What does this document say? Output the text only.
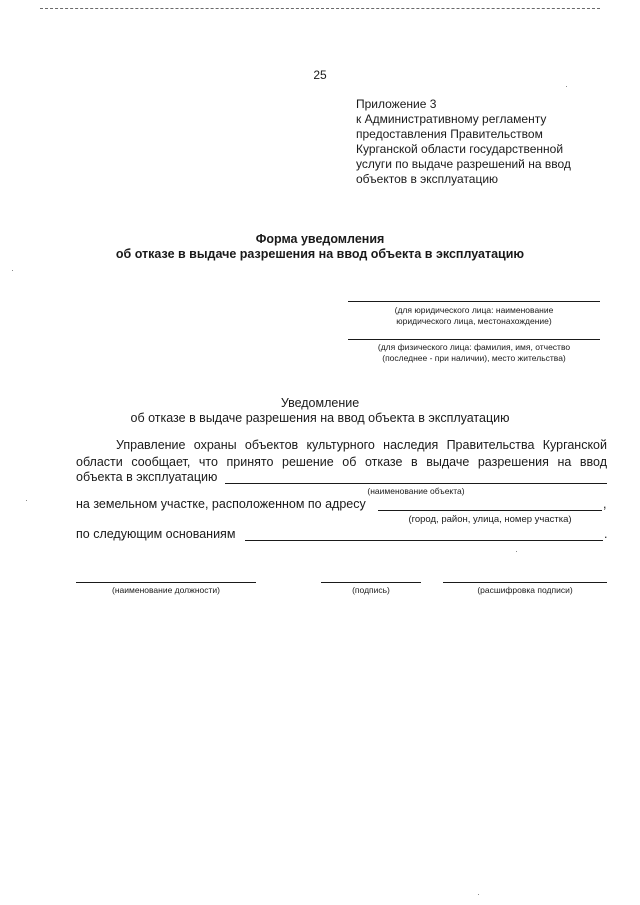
25
Приложение 3
к Административному регламенту
предоставления Правительством
Курганской области государственной
услуги по выдаче разрешений на ввод
объектов в эксплуатацию
Форма уведомления
об отказе в выдаче разрешения на ввод объекта в эксплуатацию
(для юридического лица: наименование
юридического лица, местонахождение)
(для физического лица: фамилия, имя, отчество
(последнее - при наличии), место жительства)
Уведомление
об отказе в выдаче разрешения на ввод объекта в эксплуатацию
Управление охраны объектов культурного наследия Правительства Курганской
области сообщает, что принято решение об отказе в выдаче разрешения на ввод
объекта в эксплуатацию
(наименование объекта)
на земельном участке, расположенном по адресу	,
(город, район, улица, номер участка)
по следующим основаниям	.
(наименование должности)	(подпись)	(расшифровка подписи)
